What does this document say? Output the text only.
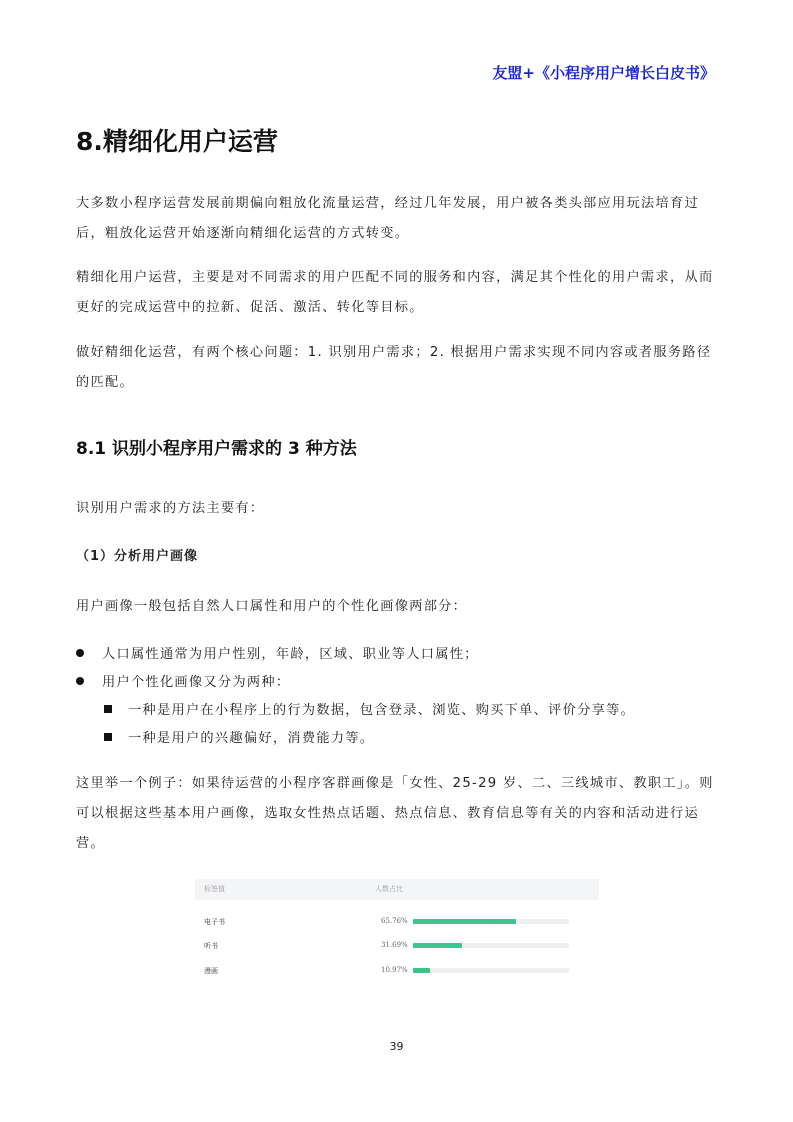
友盟+《小程序用户增长白皮书》
8.精细化用户运营

大多数小程序运营发展前期偏向粗放化流量运营，经过几年发展，用户被各类头部应用玩法培育过后，粗放化运营开始逐渐向精细化运营的方式转变。

精细化用户运营，主要是对不同需求的用户匹配不同的服务和内容，满足其个性化的用户需求，从而更好的完成运营中的拉新、促活、激活、转化等目标。

做好精细化运营，有两个核心问题：1. 识别用户需求；2. 根据用户需求实现不同内容或者服务路径的匹配。

8.1 识别小程序用户需求的 3 种方法

识别用户需求的方法主要有：

（1）分析用户画像

用户画像一般包括自然人口属性和用户的个性化画像两部分：

人口属性通常为用户性别，年龄，区域、职业等人口属性；
用户个性化画像又分为两种：
一种是用户在小程序上的行为数据，包含登录、浏览、购买下单、评价分享等。
一种是用户的兴趣偏好，消费能力等。

这里举一个例子：如果待运营的小程序客群画像是「女性、25-29 岁、二、三线城市、教职工」。则可以根据这些基本用户画像，选取女性热点话题、热点信息、教育信息等有关的内容和活动进行运营。

标签值	人数占比
电子书	65.76%
听书	31.69%
漫画	10.97%
39
